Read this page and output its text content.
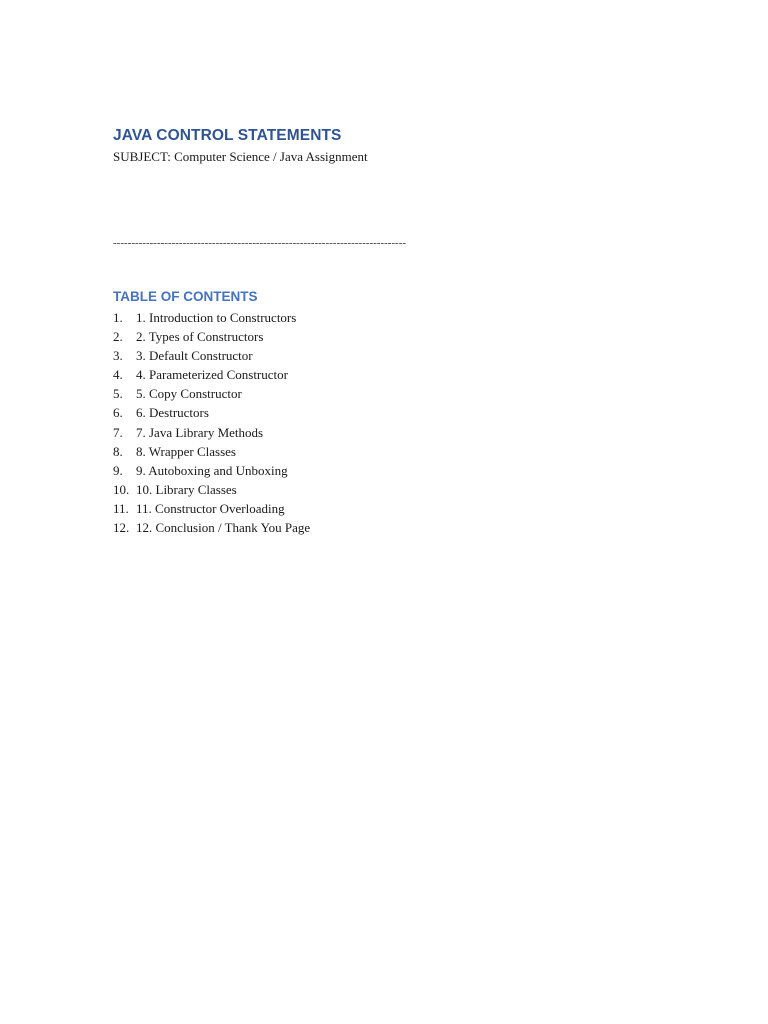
JAVA CONTROL STATEMENTS
SUBJECT: Computer Science / Java Assignment
--------------------------------------------------------------------------------
TABLE OF CONTENTS
1.	1. Introduction to Constructors
2.	2. Types of Constructors
3.	3. Default Constructor
4.	4. Parameterized Constructor
5.	5. Copy Constructor
6.	6. Destructors
7.	7. Java Library Methods
8.	8. Wrapper Classes
9.	9. Autoboxing and Unboxing
10. 10. Library Classes
11. 11. Constructor Overloading
12. 12. Conclusion / Thank You Page
